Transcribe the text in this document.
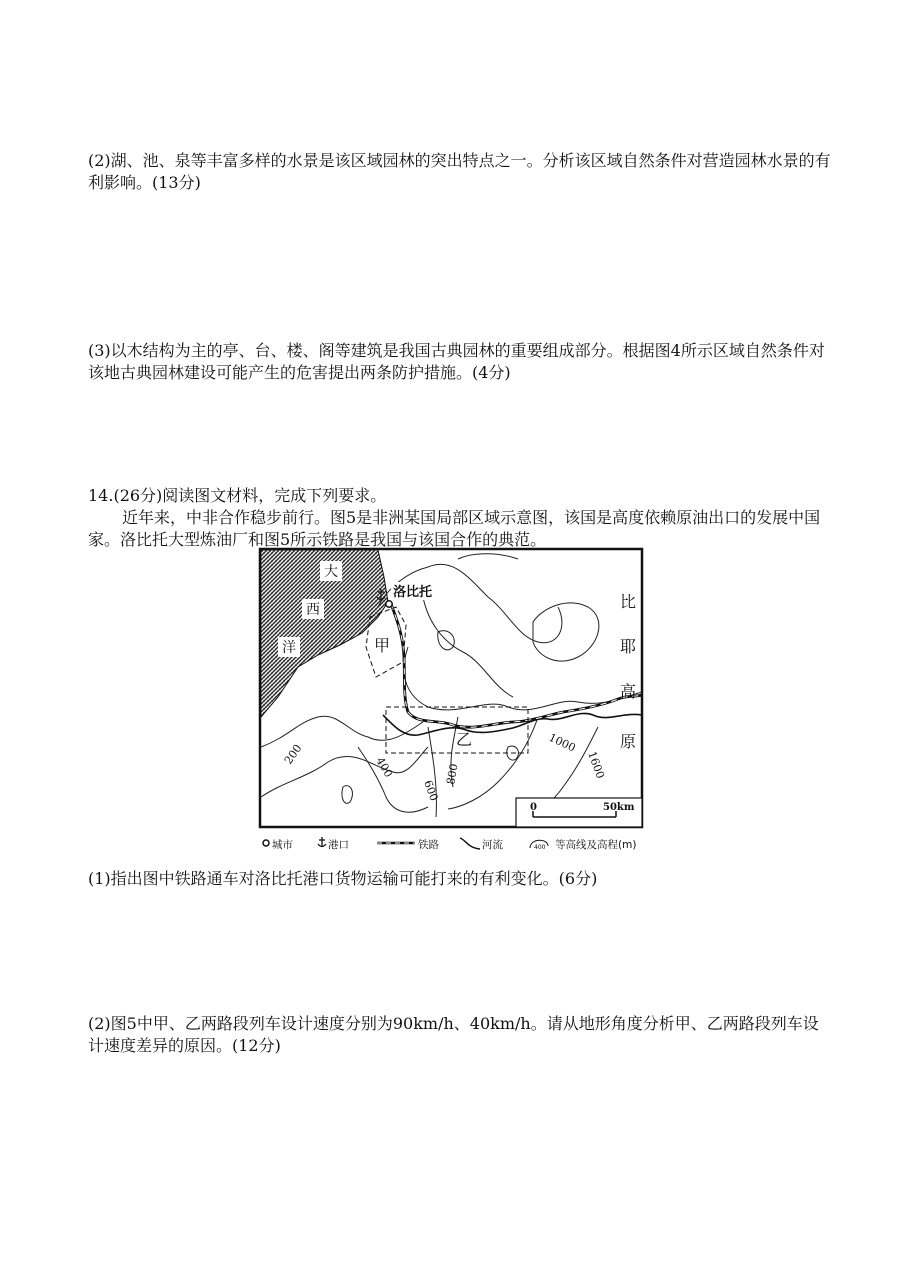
(2)湖、池、泉等丰富多样的水景是该区域园林的突出特点之一。分析该区域自然条件对营造园林水景的有利影响。(13分)

(3)以木结构为主的亭、台、楼、阁等建筑是我国古典园林的重要组成部分。根据图4所示区域自然条件对该地古典园林建设可能产生的危害提出两条防护措施。(4分)

14.(26分)阅读图文材料，完成下列要求。

近年来，中非合作稳步前行。图5是非洲某国局部区域示意图，该国是高度依赖原油出口的发展中国家。洛比托大型炼油厂和图5所示铁路是我国与该国合作的典范。

大
西
洋
200
400
600
800
1000
1600
甲
乙
洛比托	比
耶
高
原
0	50km
城市	港口	铁路	河流	400 等高线及高程(m)

(1)指出图中铁路通车对洛比托港口货物运输可能打来的有利变化。(6分)

(2)图5中甲、乙两路段列车设计速度分别为90km/h、40km/h。请从地形角度分析甲、乙两路段列车设计速度差异的原因。(12分)
